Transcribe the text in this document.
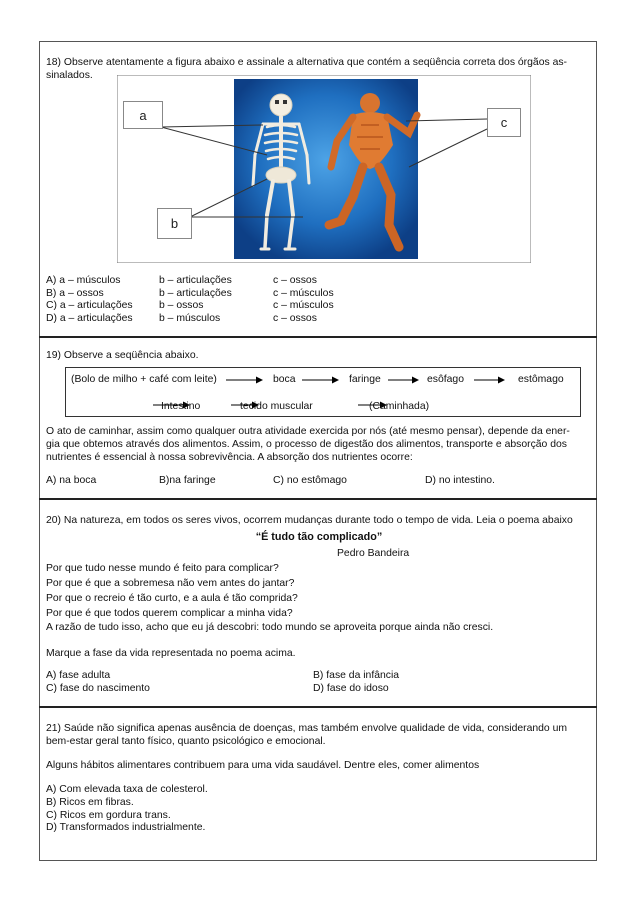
18) Observe atentamente a figura abaixo e assinale a alternativa que contém a seqüência correta dos órgãos as-
sinalados.
a
b
c
A) a – músculos	b – articulações	c – ossos
B) a – ossos	b – articulações	c – músculos
C) a – articulações	b – ossos	c – músculos
D) a – articulações	b – músculos	c – ossos
19) Observe a seqüência abaixo.
(Bolo de milho + café com leite)	boca	faringe	esôfago	estômago
Intestino	tecido muscular	(Caminhada)
O ato de caminhar, assim como qualquer outra atividade exercida por nós (até mesmo pensar), depende da ener-
gia que obtemos através dos alimentos. Assim, o processo de digestão dos alimentos, transporte e absorção dos
nutrientes é essencial à nossa sobrevivência. A absorção dos nutrientes ocorre:
A) na boca	B)na faringe	C) no estômago	D) no intestino.
20) Na natureza, em todos os seres vivos, ocorrem mudanças durante todo o tempo de vida. Leia o poema abaixo
“É tudo tão complicado”
Pedro Bandeira
Por que tudo nesse mundo é feito para complicar?
Por que é que a sobremesa não vem antes do jantar?
Por que o recreio é tão curto, e a aula é tão comprida?
Por que é que todos querem complicar a minha vida?
A razão de tudo isso, acho que eu já descobri: todo mundo se aproveita porque ainda não cresci.
Marque a fase da vida representada no poema acima.
A) fase adulta	B) fase da infância
C) fase do nascimento	D) fase do idoso
21) Saúde não significa apenas ausência de doenças, mas também envolve qualidade de vida, considerando um
bem-estar geral tanto físico, quanto psicológico e emocional.
Alguns hábitos alimentares contribuem para uma vida saudável. Dentre eles, comer alimentos
A) Com elevada taxa de colesterol.
B) Ricos em fibras.
C) Ricos em gordura trans.
D) Transformados industrialmente.
